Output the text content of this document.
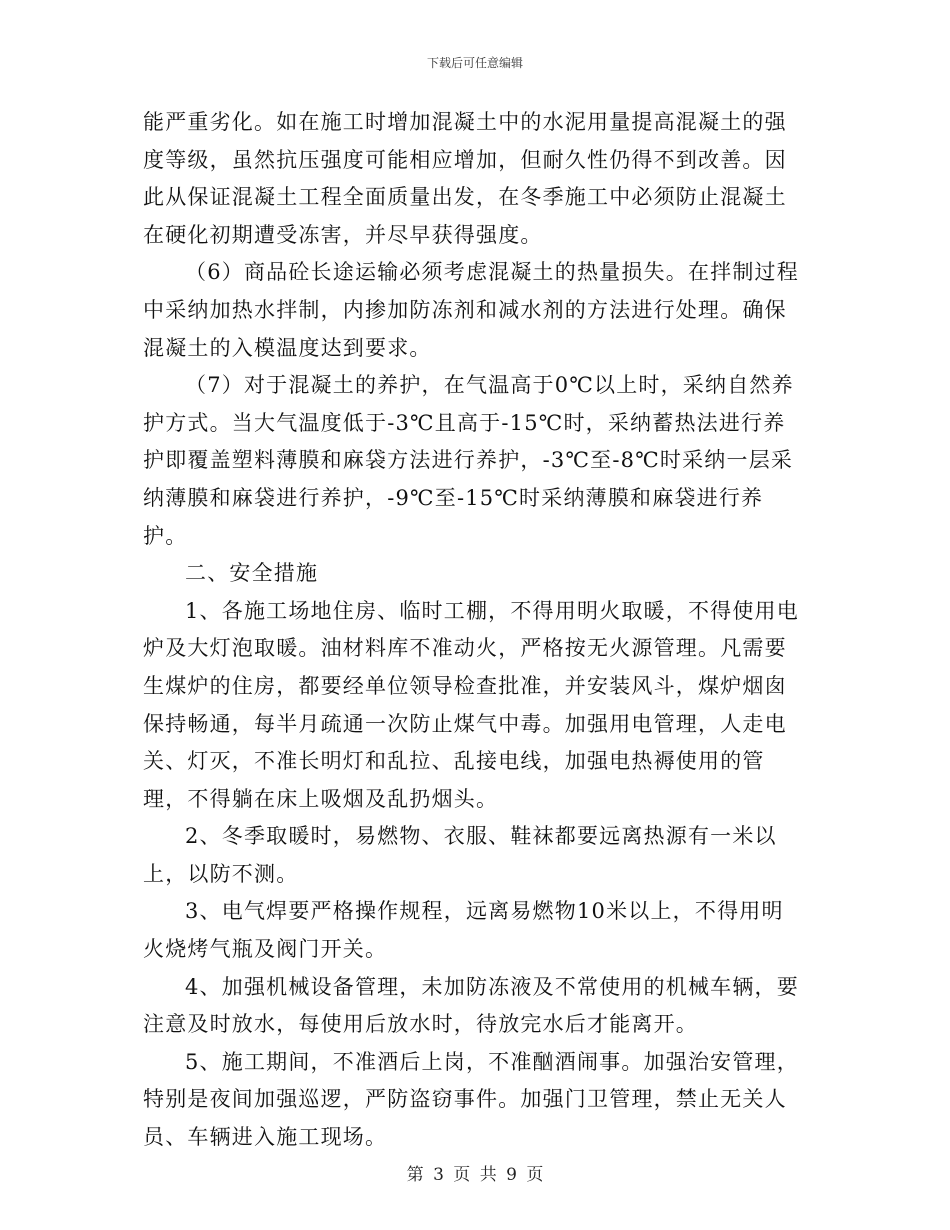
下载后可任意编辑

能严重劣化。如在施工时增加混凝土中的水泥用量提高混凝土的强度等级，虽然抗压强度可能相应增加，但耐久性仍得不到改善。因此从保证混凝土工程全面质量出发，在冬季施工中必须防止混凝土在硬化初期遭受冻害，并尽早获得强度。

（6）商品砼长途运输必须考虑混凝土的热量损失。在拌制过程中采纳加热水拌制，内掺加防冻剂和减水剂的方法进行处理。确保混凝土的入模温度达到要求。

（7）对于混凝土的养护，在气温高于0℃以上时，采纳自然养护方式。当大气温度低于-3℃且高于-15℃时，采纳蓄热法进行养护即覆盖塑料薄膜和麻袋方法进行养护，-3℃至-8℃时采纳一层采纳薄膜和麻袋进行养护，-9℃至-15℃时采纳薄膜和麻袋进行养护。

二、安全措施

1、各施工场地住房、临时工棚，不得用明火取暖，不得使用电炉及大灯泡取暖。油材料库不准动火，严格按无火源管理。凡需要生煤炉的住房，都要经单位领导检查批准，并安装风斗，煤炉烟囱保持畅通，每半月疏通一次防止煤气中毒。加强用电管理，人走电关、灯灭，不准长明灯和乱拉、乱接电线，加强电热褥使用的管理，不得躺在床上吸烟及乱扔烟头。

2、冬季取暖时，易燃物、衣服、鞋袜都要远离热源有一米以上，以防不测。

3、电气焊要严格操作规程，远离易燃物10米以上，不得用明火烧烤气瓶及阀门开关。

4、加强机械设备管理，未加防冻液及不常使用的机械车辆，要注意及时放水，每使用后放水时，待放完水后才能离开。

5、施工期间，不准酒后上岗，不准酗酒闹事。加强治安管理，特别是夜间加强巡逻，严防盗窃事件。加强门卫管理，禁止无关人员、车辆进入施工现场。

第 3 页 共 9 页
